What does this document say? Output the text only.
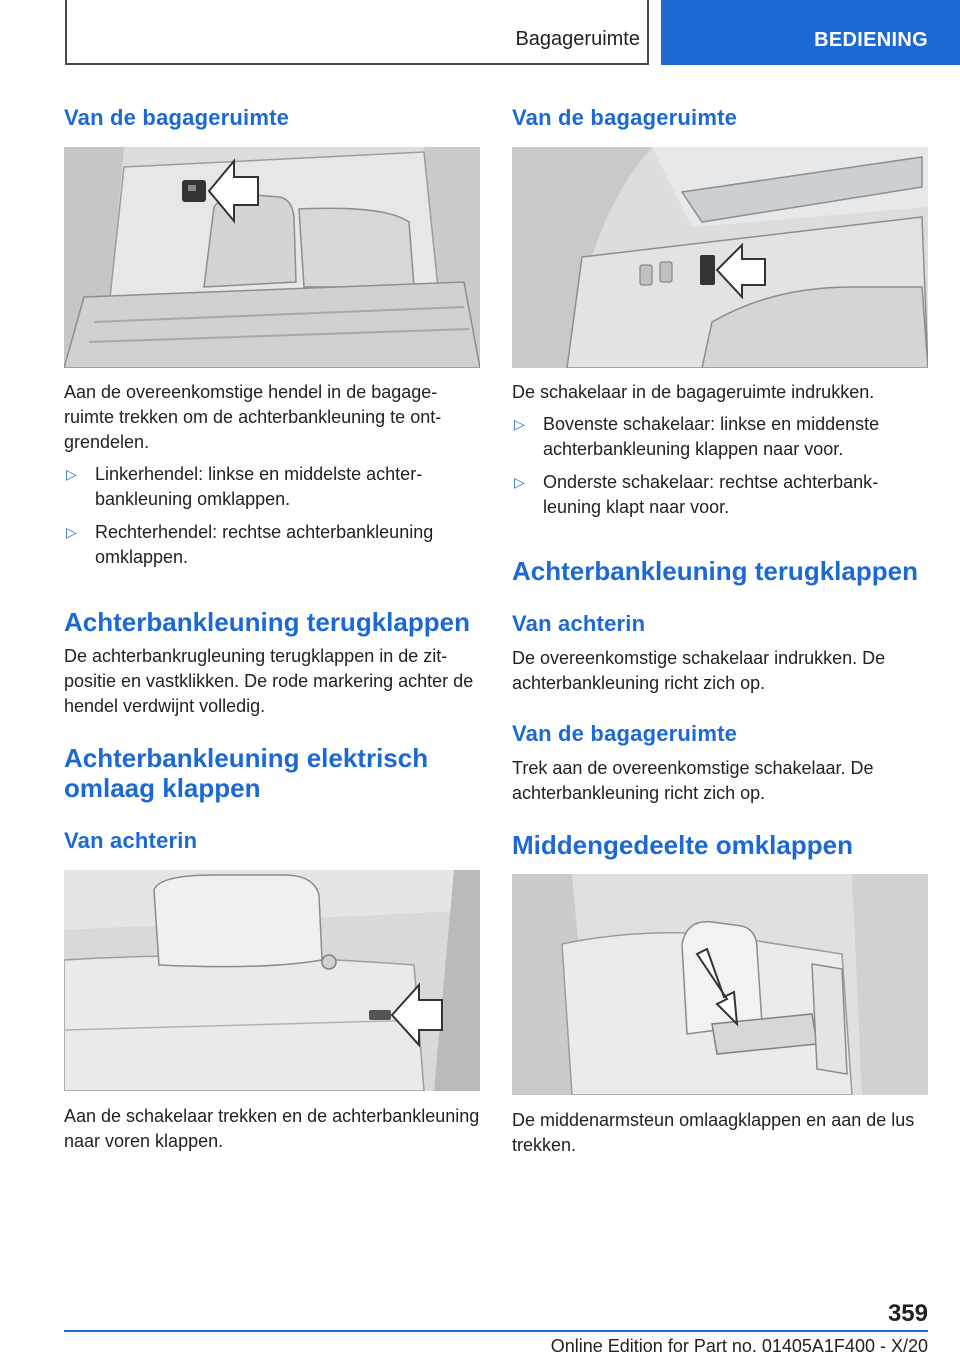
Bagageruimte	BEDIENING
Van de bagageruimte

Aan de overeenkomstige hendel in de bagageruimte trekken om de achterbankleuning te ontgrendelen.

▷ Linkerhendel: linkse en middelste achterbankleuning omklappen.
▷ Rechterhendel: rechtse achterbankleuning omklappen.
Achterbankleuning terugklappen

De achterbankrugleuning terugklappen in de zitpositie en vastklikken. De rode markering achter de hendel verdwijnt volledig.

Achterbankleuning elektrisch
omlaag klappen
Van achterin

Aan de schakelaar trekken en de achterbankleuning naar voren klappen.

Van de bagageruimte

De schakelaar in de bagageruimte indrukken.

▷ Bovenste schakelaar: linkse en middenste achterbankleuning klappen naar voor.
▷ Onderste schakelaar: rechtse achterbankleuning klapt naar voor.
Achterbankleuning terugklappen
Van achterin

De overeenkomstige schakelaar indrukken. De achterbankleuning richt zich op.

Van de bagageruimte

Trek aan de overeenkomstige schakelaar. De achterbankleuning richt zich op.

Middengedeelte omklappen

De middenarmsteun omlaagklappen en aan de lus trekken.

359
Online Edition for Part no. 01405A1F400 - X/20
